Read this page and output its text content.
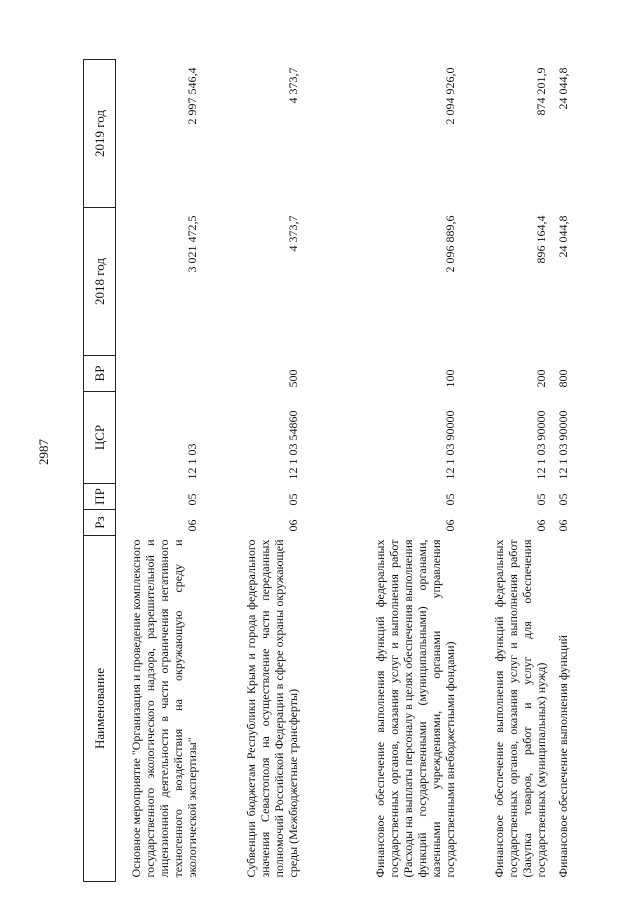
2987
Наименование	Рз	ПР	ЦСР	ВР	2018 год	2019 год
Основное мероприятие "Организация и проведение комплексного государственного экологического надзора, разрешительной и лицензионной деятельности в части ограничения негативного техногенного воздействия на окружающую среду и экологической экспертизы"	06	05	12 1 03		3 021 472,5	2 997 546,4
Субвенции бюджетам Республики Крым и города федерального значения Севастополя на осуществление части переданных полномочий Российской Федерации в сфере охраны окружающей среды (Межбюджетные трансферты)	06	05	12 1 03 54860	500	4 373,7	4 373,7
Финансовое обеспечение выполнения функций федеральных государственных органов, оказания услуг и выполнения работ (Расходы на выплаты персоналу в целях обеспечения выполнения функций государственными (муниципальными) органами, казенными учреждениями, органами управления государственными внебюджетными фондами)	06	05	12 1 03 90000	100	2 096 889,6	2 094 926,0
Финансовое обеспечение выполнения функций федеральных государственных органов, оказания услуг и выполнения работ (Закупка товаров, работ и услуг для обеспечения государственных (муниципальных) нужд)	06	05	12 1 03 90000	200	896 164,4	874 201,9
Финансовое обеспечение выполнения функций	06	05	12 1 03 90000	800	24 044,8	24 044,8
